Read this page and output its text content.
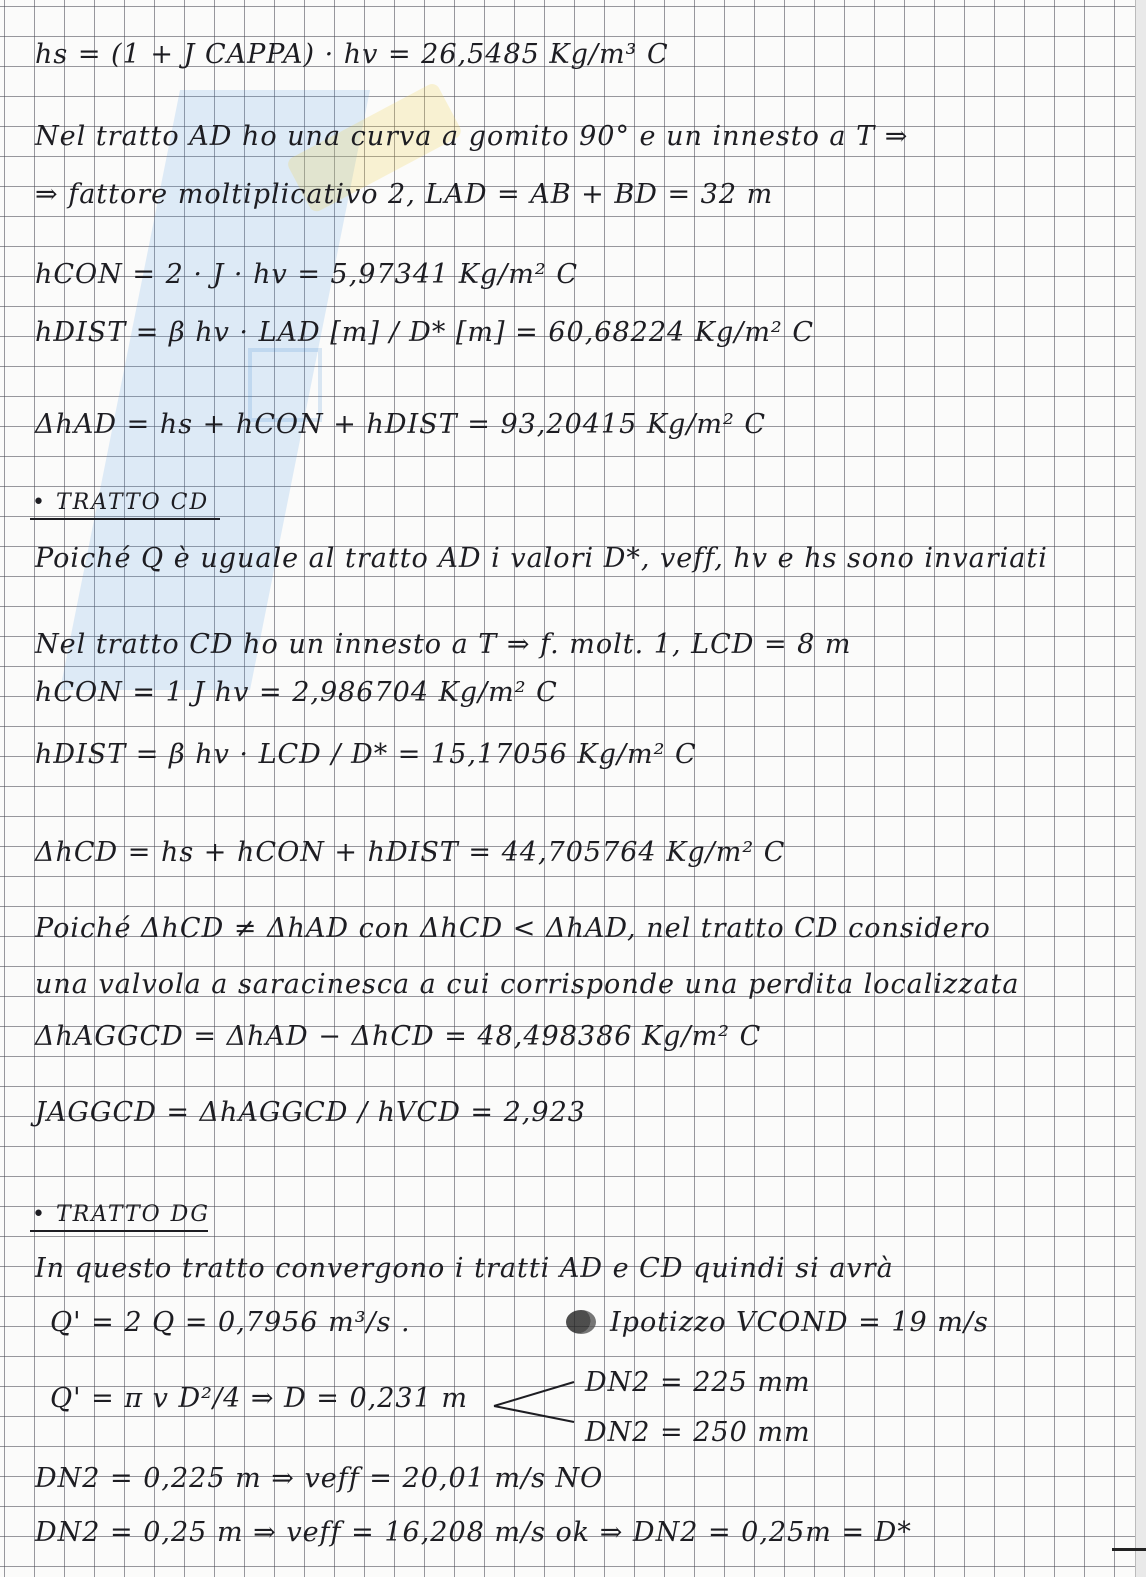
hs = (1 + J CAPPA) · hv = 26,5485 Kg/m³ C
Nel tratto AD ho una curva a gomito 90° e un innesto a T ⇒
⇒ fattore moltiplicativo 2, LAD = AB + BD = 32 m
hCON = 2 · J · hv = 5,97341 Kg/m² C
hDIST = β hv · LAD [m] / D* [m] = 60,68224 Kg/m² C
ΔhAD = hs + hCON + hDIST = 93,20415 Kg/m² C
• TRATTO CD
Poiché Q è uguale al tratto AD i valori D*, veff, hv e hs sono invariati
Nel tratto CD ho un innesto a T ⇒ f. molt. 1, LCD = 8 m
hCON = 1 J hv = 2,986704 Kg/m² C
hDIST = β hv · LCD / D* = 15,17056 Kg/m² C
ΔhCD = hs + hCON + hDIST = 44,705764 Kg/m² C
Poiché ΔhCD ≠ ΔhAD con ΔhCD < ΔhAD, nel tratto CD considero
una valvola a saracinesca a cui corrisponde una perdita localizzata
ΔhAGGCD = ΔhAD − ΔhCD = 48,498386 Kg/m² C
JAGGCD = ΔhAGGCD / hVCD = 2,923
• TRATTO DG
In questo tratto convergono i tratti AD e CD quindi si avrà
Q' = 2 Q = 0,7956 m³/s .	Ipotizzo VCOND = 19 m/s
Q' = π v D²/4 ⇒ D = 0,231 m
DN2 = 225 mm
DN2 = 250 mm
DN2 = 0,225 m ⇒ veff = 20,01 m/s NO
DN2 = 0,25 m ⇒ veff = 16,208 m/s ok ⇒ DN2 = 0,25m = D*
